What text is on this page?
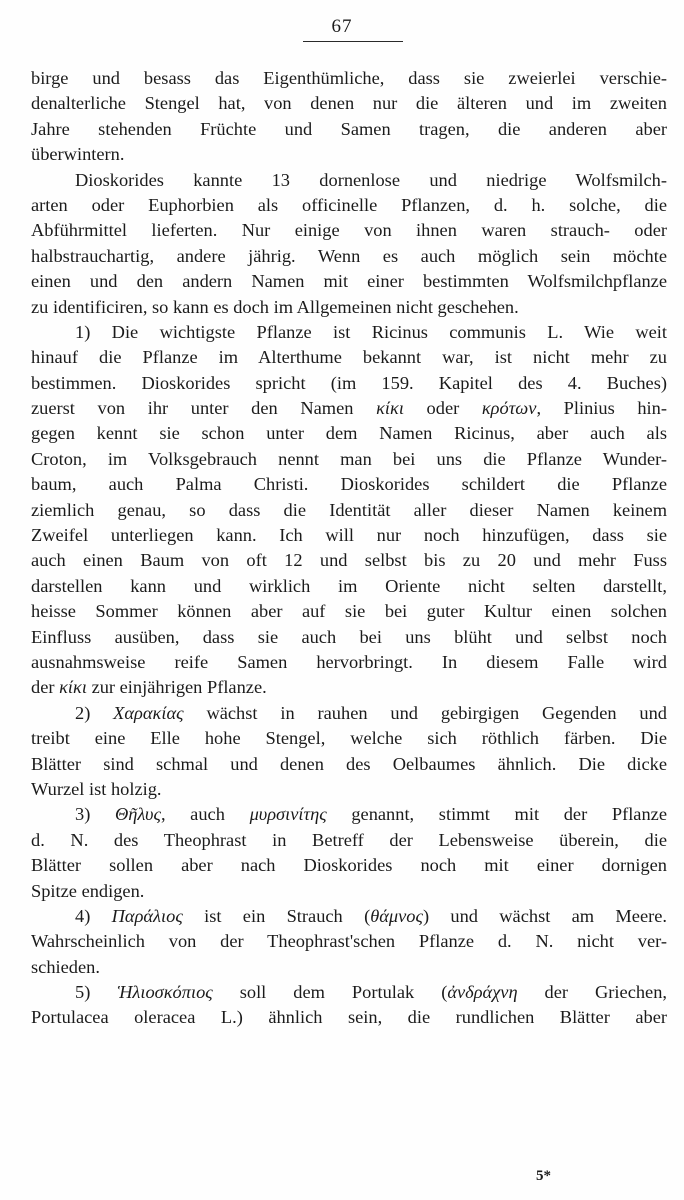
67
birge und besass das Eigenthümliche, dass sie zweierlei verschie-
denalterliche Stengel hat, von denen nur die älteren und im zweiten
Jahre stehenden Früchte und Samen tragen, die anderen aber
überwintern.
Dioskorides kannte 13 dornenlose und niedrige Wolfsmilch-
arten oder Euphorbien als officinelle Pflanzen, d. h. solche, die
Abführmittel lieferten. Nur einige von ihnen waren strauch- oder
halbstrauchartig, andere jährig. Wenn es auch möglich sein möchte
einen und den andern Namen mit einer bestimmten Wolfsmilchpflanze
zu identificiren, so kann es doch im Allgemeinen nicht geschehen.
1) Die wichtigste Pflanze ist Ricinus communis L. Wie weit
hinauf die Pflanze im Alterthume bekannt war, ist nicht mehr zu
bestimmen. Dioskorides spricht (im 159. Kapitel des 4. Buches)
zuerst von ihr unter den Namen κίκι oder κρότων, Plinius hin-
gegen kennt sie schon unter dem Namen Ricinus, aber auch als
Croton, im Volksgebrauch nennt man bei uns die Pflanze Wunder-
baum, auch Palma Christi. Dioskorides schildert die Pflanze
ziemlich genau, so dass die Identität aller dieser Namen keinem
Zweifel unterliegen kann. Ich will nur noch hinzufügen, dass sie
auch einen Baum von oft 12 und selbst bis zu 20 und mehr Fuss
darstellen kann und wirklich im Oriente nicht selten darstellt,
heisse Sommer können aber auf sie bei guter Kultur einen solchen
Einfluss ausüben, dass sie auch bei uns blüht und selbst noch
ausnahmsweise reife Samen hervorbringt. In diesem Falle wird
der κίκι zur einjährigen Pflanze.
2) Χαρακίας wächst in rauhen und gebirgigen Gegenden und
treibt eine Elle hohe Stengel, welche sich röthlich färben. Die
Blätter sind schmal und denen des Oelbaumes ähnlich. Die dicke
Wurzel ist holzig.
3) Θῆλυς, auch μυρσινίτης genannt, stimmt mit der Pflanze
d. N. des Theophrast in Betreff der Lebensweise überein, die
Blätter sollen aber nach Dioskorides noch mit einer dornigen
Spitze endigen.
4) Παράλιος ist ein Strauch (θάμνος) und wächst am Meere.
Wahrscheinlich von der Theophrast'schen Pflanze d. N. nicht ver-
schieden.
5) Ἡλιοσκόπιος soll dem Portulak (ἀνδράχνη der Griechen,
Portulacea oleracea L.) ähnlich sein, die rundlichen Blätter aber
5*
